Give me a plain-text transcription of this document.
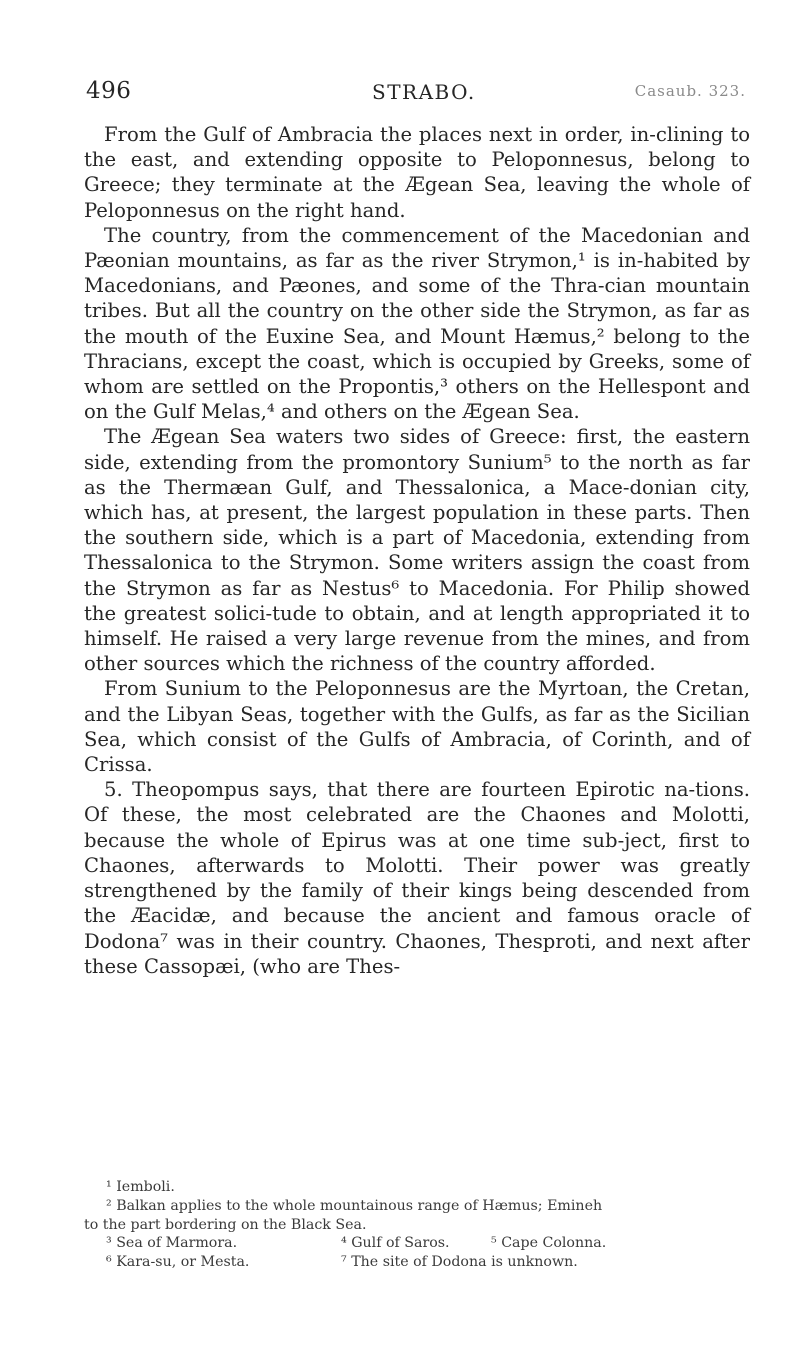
496	STRABO.	Casaub. 323.

From the Gulf of Ambracia the places next in order, in-clining to the east, and extending opposite to Peloponnesus, belong to Greece; they terminate at the Ægean Sea, leaving the whole of Peloponnesus on the right hand.

The country, from the commencement of the Macedonian and Pæonian mountains, as far as the river Strymon,¹ is in-habited by Macedonians, and Pæones, and some of the Thra-cian mountain tribes. But all the country on the other side the Strymon, as far as the mouth of the Euxine Sea, and Mount Hæmus,² belong to the Thracians, except the coast, which is occupied by Greeks, some of whom are settled on the Propontis,³ others on the Hellespont and on the Gulf Melas,⁴ and others on the Ægean Sea.

The Ægean Sea waters two sides of Greece: first, the eastern side, extending from the promontory Sunium⁵ to the north as far as the Thermæan Gulf, and Thessalonica, a Mace-donian city, which has, at present, the largest population in these parts. Then the southern side, which is a part of Macedonia, extending from Thessalonica to the Strymon. Some writers assign the coast from the Strymon as far as Nestus⁶ to Macedonia. For Philip showed the greatest solici-tude to obtain, and at length appropriated it to himself. He raised a very large revenue from the mines, and from other sources which the richness of the country afforded.

From Sunium to the Peloponnesus are the Myrtoan, the Cretan, and the Libyan Seas, together with the Gulfs, as far as the Sicilian Sea, which consist of the Gulfs of Ambracia, of Corinth, and of Crissa.

5. Theopompus says, that there are fourteen Epirotic na-tions. Of these, the most celebrated are the Chaones and Molotti, because the whole of Epirus was at one time sub-ject, first to Chaones, afterwards to Molotti. Their power was greatly strengthened by the family of their kings being descended from the Æacidæ, and because the ancient and famous oracle of Dodona⁷ was in their country. Chaones, Thesproti, and next after these Cassopæi, (who are Thes-

¹ Iemboli.
² Balkan applies to the whole mountainous range of Hæmus; Emineh
to the part bordering on the Black Sea.
³ Sea of Marmora.	⁴ Gulf of Saros.	⁵ Cape Colonna.
⁶ Kara-su, or Mesta.	⁷ The site of Dodona is unknown.
